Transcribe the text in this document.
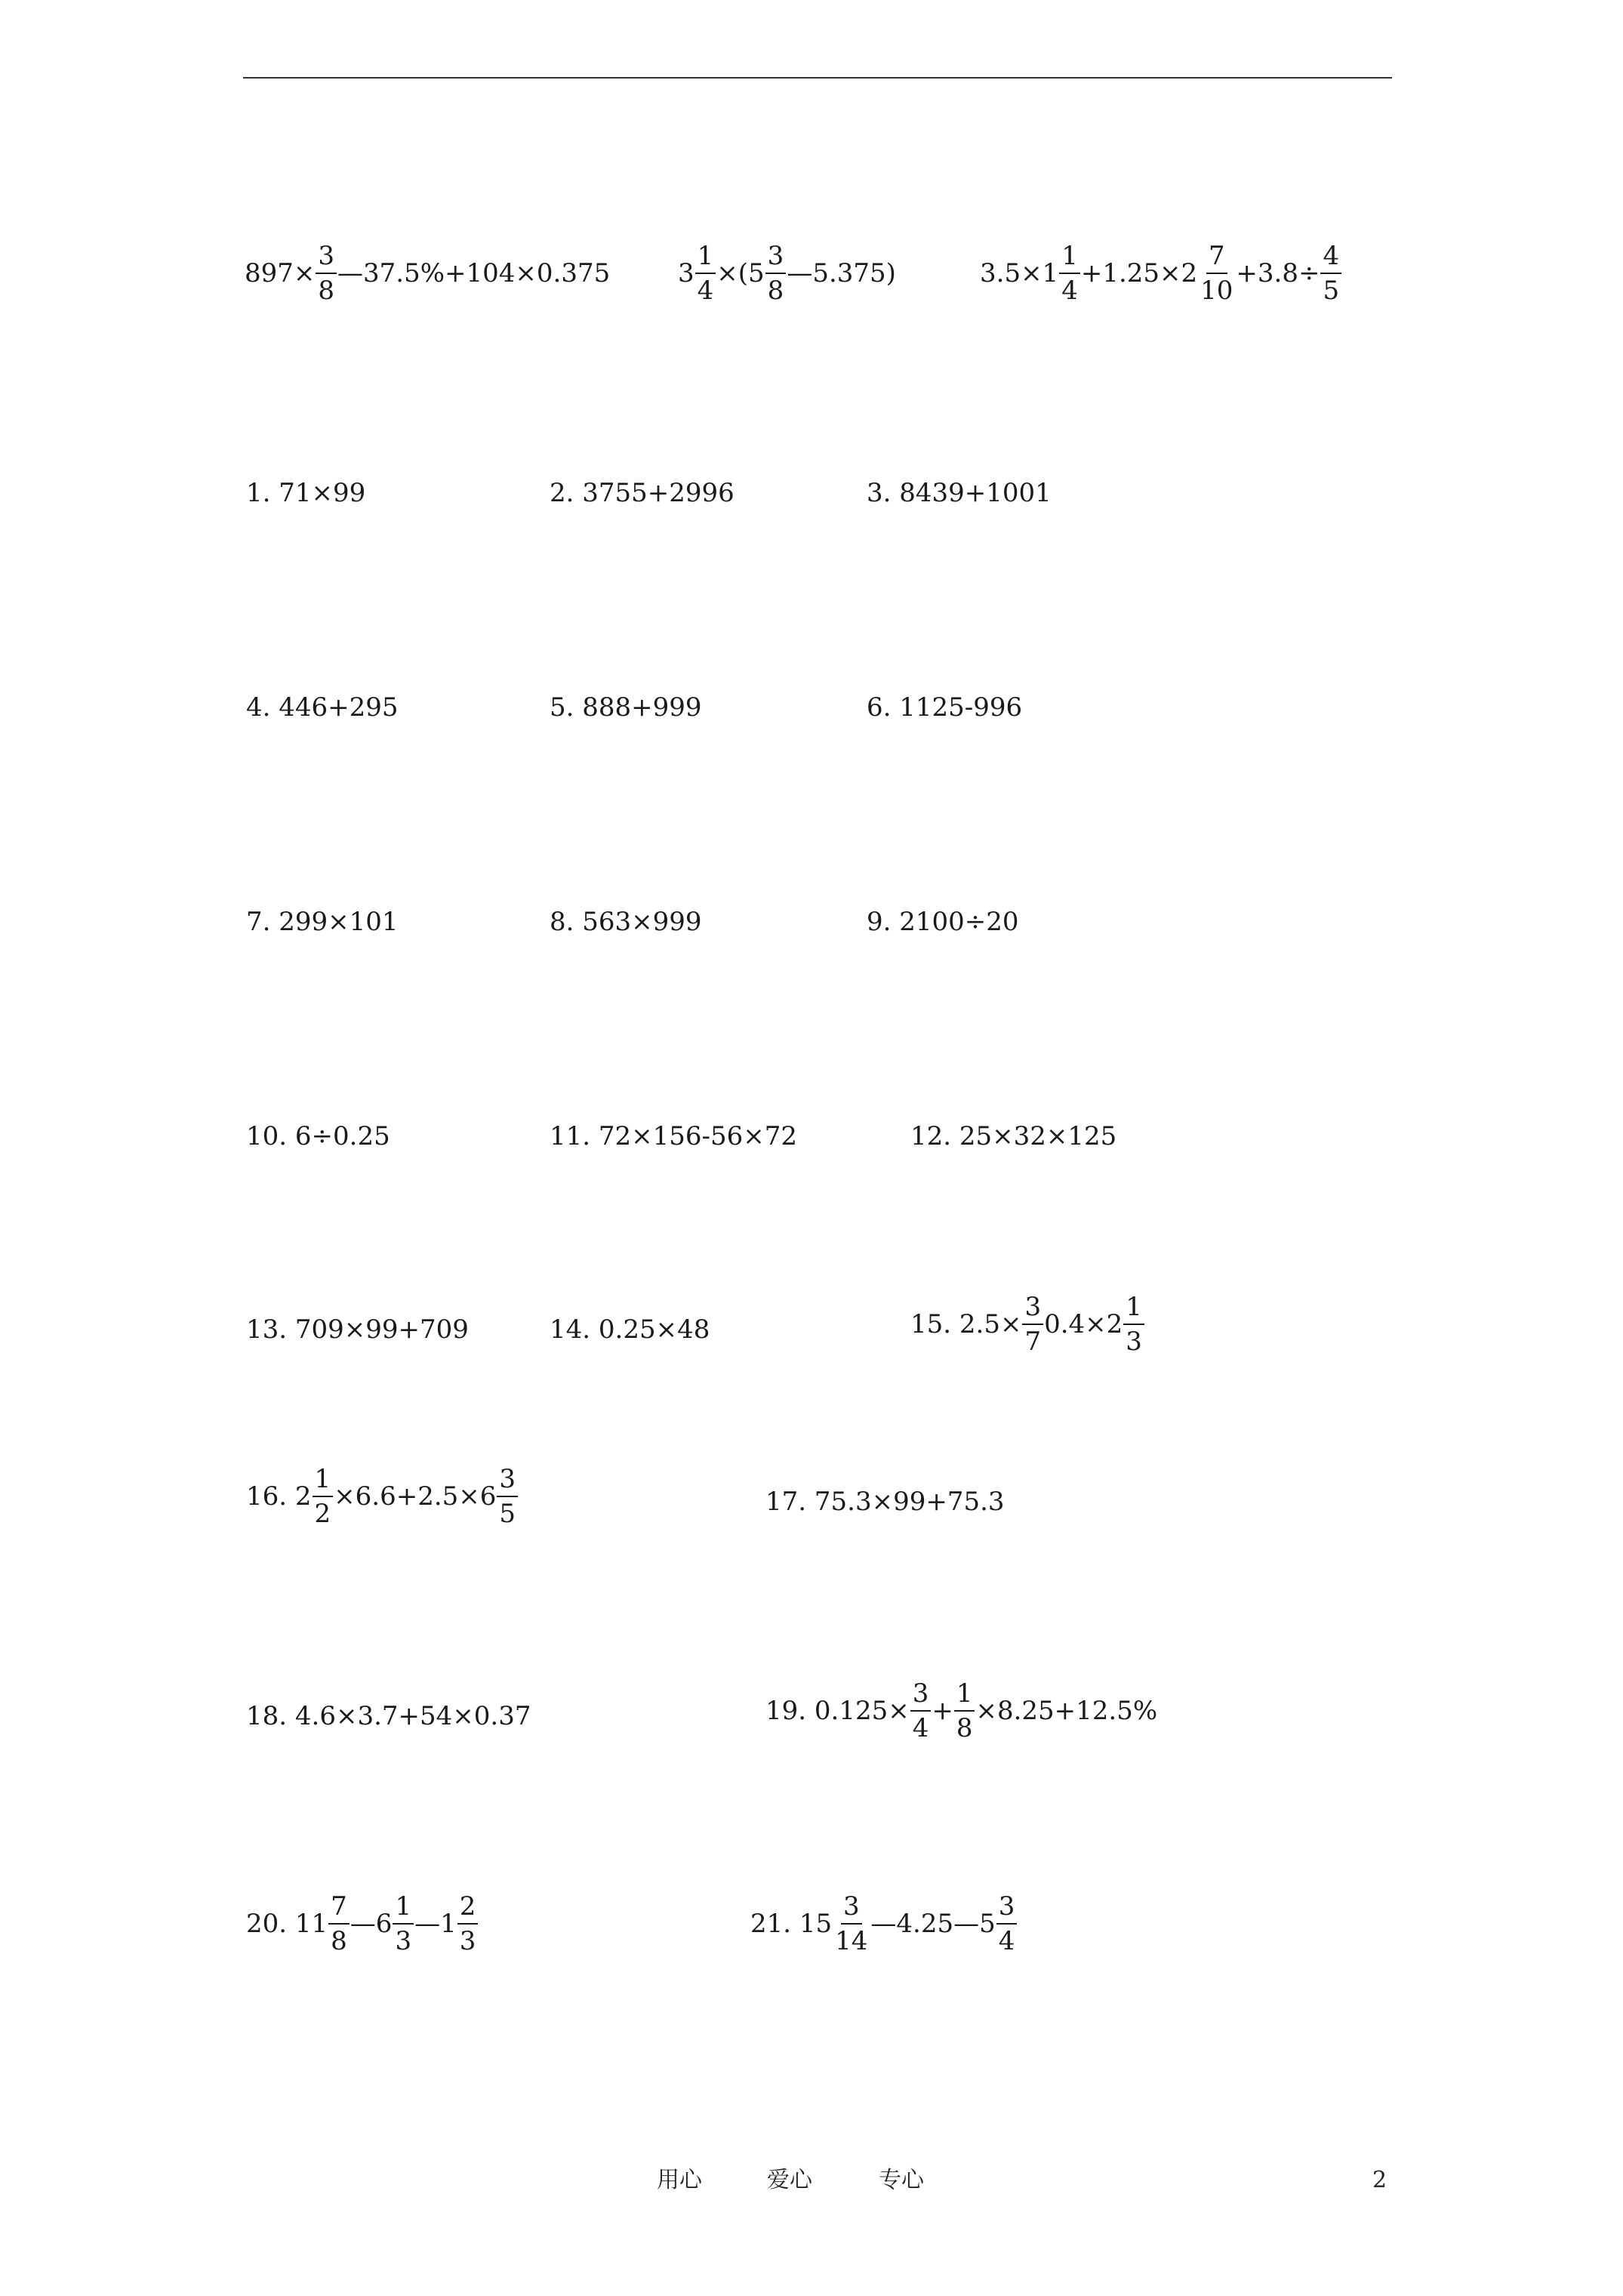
$897\times \frac{3}{8}$ —37.5%+104×0.375	$3 \frac{1}{4} \times(5 \frac{3}{8}$ —5.375)	$3.5\times 1 \frac{1}{4} +1.25\times 2 \frac{7}{10} +3.8\div \frac{4}{5}$
1. 71×99	2. 3755+2996	3. 8439+1001
4. 446+295	5. 888+999	6. 1125-996
7. 299×101	8. 563×999	9. 2100÷20
10. 6÷0.25	11. 72×156-56×72	12. 25×32×125
13. 709×99+709	14. 0.25×48	15. $2.5\times \frac{3}{7} 0.4\times 2 \frac{1}{3}$
16. $2 \frac{1}{2} \times 6.6+2.5\times 6 \frac{3}{5}$	17. 75.3×99+75.3
18. 4.6×3.7+54×0.37	19. $0.125\times \frac{3}{4} + \frac{1}{8} \times 8.25+12.5\%$
20. $11 \frac{7}{8}$ —6 $\frac{1}{3}$ —1 $\frac{2}{3}$	21. $15 \frac{3}{14}$ —4.25—5 $\frac{3}{4}$
用心	爱心	专心	2
